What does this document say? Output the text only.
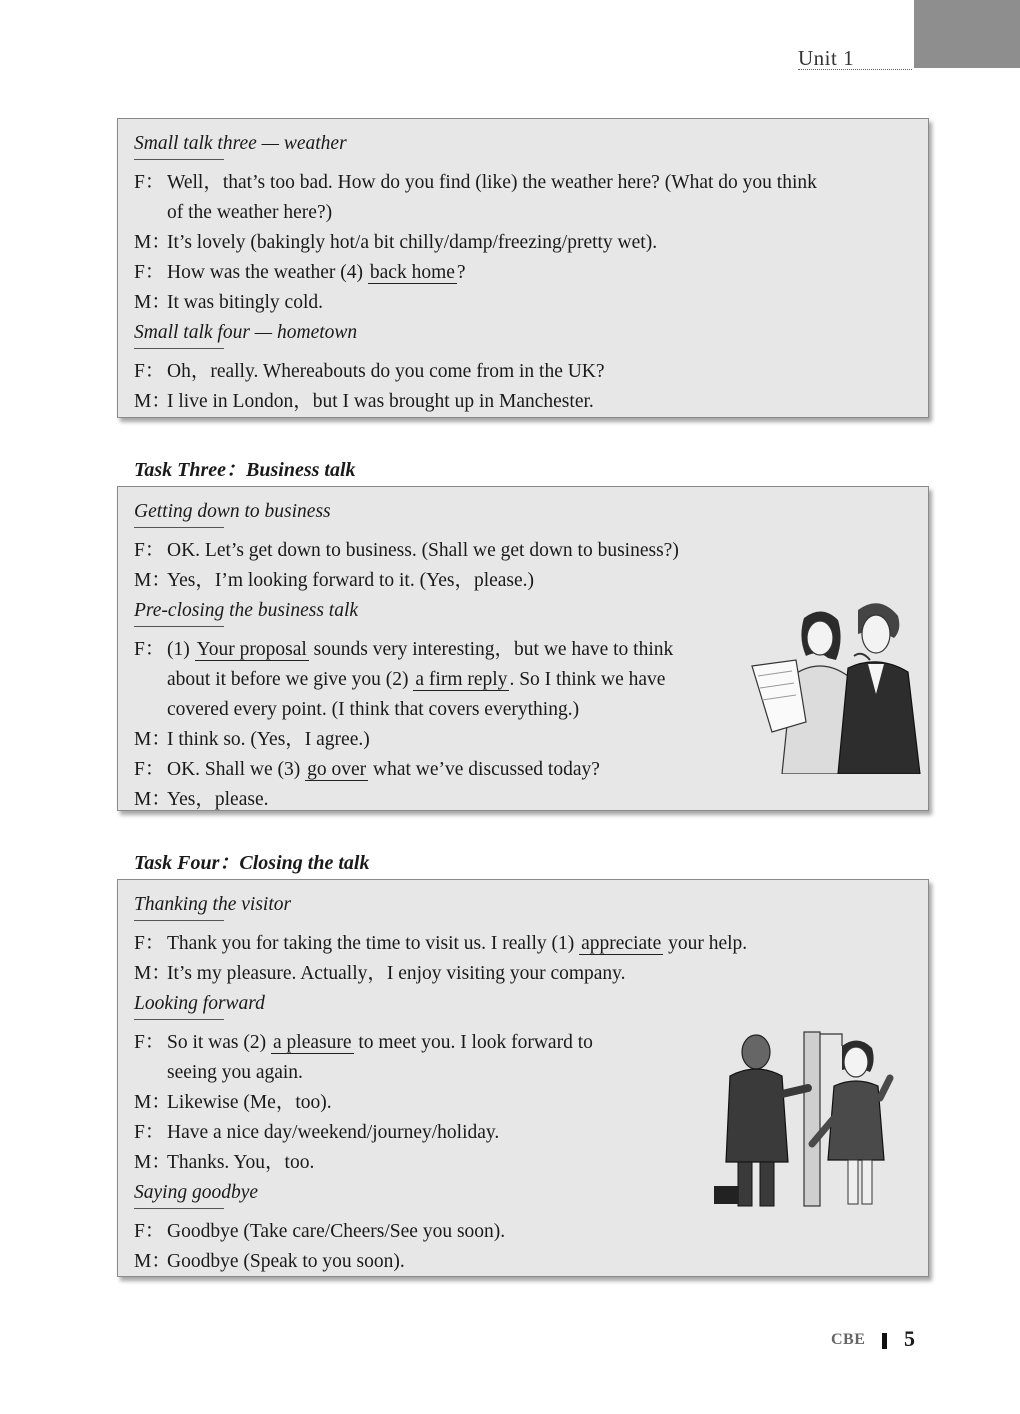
Unit 1
Small talk three — weather
F： Well，that’s too bad. How do you find (like) the weather here? (What do you think
of the weather here?)
M：It’s lovely (bakingly hot/a bit chilly/damp/freezing/pretty wet).
F： How was the weather (4) back home ?
M：It was bitingly cold.
Small talk four — hometown
F： Oh，really. Whereabouts do you come from in the UK?
M：I live in London，but I was brought up in Manchester.
Task Three：Business talk
Getting down to business
F： OK. Let’s get down to business. (Shall we get down to business?)
M：Yes，I’m looking forward to it. (Yes，please.)
Pre-closing the business talk
F： (1) Your proposal sounds very interesting，but we have to think
about it before we give you (2) a firm reply . So I think we have
covered every point. (I think that covers everything.)
M：I think so. (Yes，I agree.)
F： OK. Shall we (3) go over what we’ve discussed today?
M：Yes，please.
Task Four：Closing the talk
Thanking the visitor
F： Thank you for taking the time to visit us. I really (1) appreciate your help.
M：It’s my pleasure. Actually，I enjoy visiting your company.
Looking forward
F： So it was (2) a pleasure to meet you. I look forward to
seeing you again.
M：Likewise (Me，too).
F： Have a nice day/weekend/journey/holiday.
M：Thanks. You，too.
Saying goodbye
F： Goodbye (Take care/Cheers/See you soon).
M：Goodbye (Speak to you soon).
CBE 5
